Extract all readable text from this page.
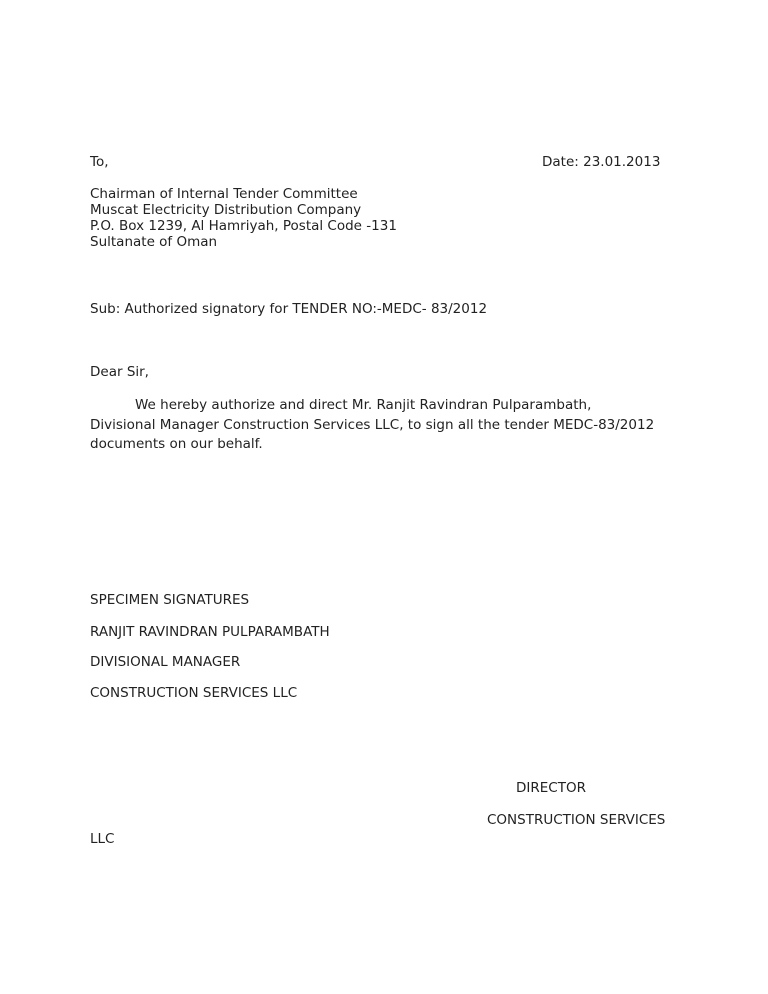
To,	Date: 23.01.2013
Chairman of Internal Tender Committee
Muscat Electricity Distribution Company
P.O. Box 1239, Al Hamriyah, Postal Code -131
Sultanate of Oman
Sub: Authorized signatory for TENDER NO:-MEDC- 83/2012
Dear Sir,
We hereby authorize and direct Mr. Ranjit Ravindran Pulparambath,
Divisional Manager Construction Services LLC, to sign all the tender MEDC-83/2012
documents on our behalf.
SPECIMEN SIGNATURES
RANJIT RAVINDRAN PULPARAMBATH
DIVISIONAL MANAGER
CONSTRUCTION SERVICES LLC
DIRECTOR
CONSTRUCTION SERVICES
LLC
